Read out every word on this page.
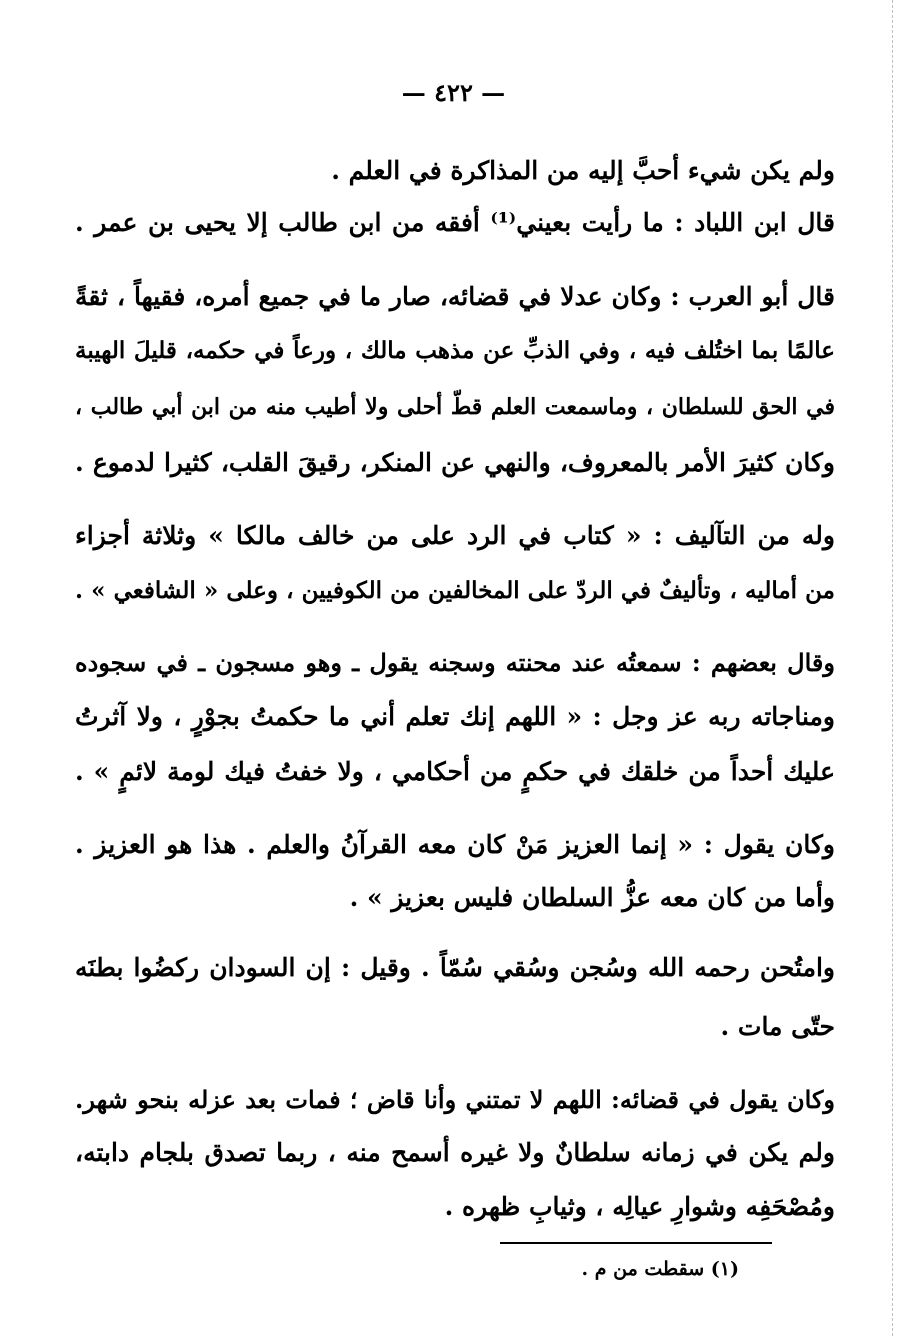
— ٤٢٢ —
ولم يكن شيء أحبَّ إليه من المذاكرة في العلم .
قال ابن اللباد : ما رأيت بعيني⁽¹⁾ أفقه من ابن طالب إلا يحيى بن عمر .
قال أبو العرب : وكان عدلا في قضائه، صار ما في جميع أمره، فقيهاً ، ثقةً
عالمًا بما اختُلف فيه ، وفي الذبِّ عن مذهب مالك ، ورعاً في حكمه، قليلَ الهيبة
في الحق للسلطان ، وماسمعت العلم قطّ أحلى ولا أطيب منه من ابن أبي طالب ،
وكان كثيرَ الأمر بالمعروف، والنهي عن المنكر، رقيقَ القلب، كثيرا لدموع .
وله من التآليف : « كتاب في الرد على من خالف مالكا » وثلاثة أجزاء
من أماليه ، وتأليفٌ في الردّ على المخالفين من الكوفيين ، وعلى « الشافعي » .
وقال بعضهم : سمعتُه عند محنته وسجنه يقول ـ وهو مسجون ـ في سجوده
ومناجاته ربه عز وجل : « اللهم إنك تعلم أني ما حكمتُ بجوْرٍ ، ولا آثرتُ
عليك أحداً من خلقك في حكمٍ من أحكامي ، ولا خفتُ فيك لومة لائمٍ » .
وكان يقول : « إنما العزيز مَنْ كان معه القرآنُ والعلم . هذا هو العزيز .
وأما من كان معه عزُّ السلطان فليس بعزيز » .
وامتُحن رحمه الله وسُجن وسُقي سُمّاً . وقيل : إن السودان ركضُوا بطنَه
حتّى مات .
وكان يقول في قضائه: اللهم لا تمتني وأنا قاض ؛ فمات بعد عزله بنحو شهر.
ولم يكن في زمانه سلطانٌ ولا غيره أسمح منه ، ربما تصدق بلجام دابته،
ومُصْحَفِه وشوارِ عيالِه ، وثيابِ ظهره .
(١) سقطت من م .
